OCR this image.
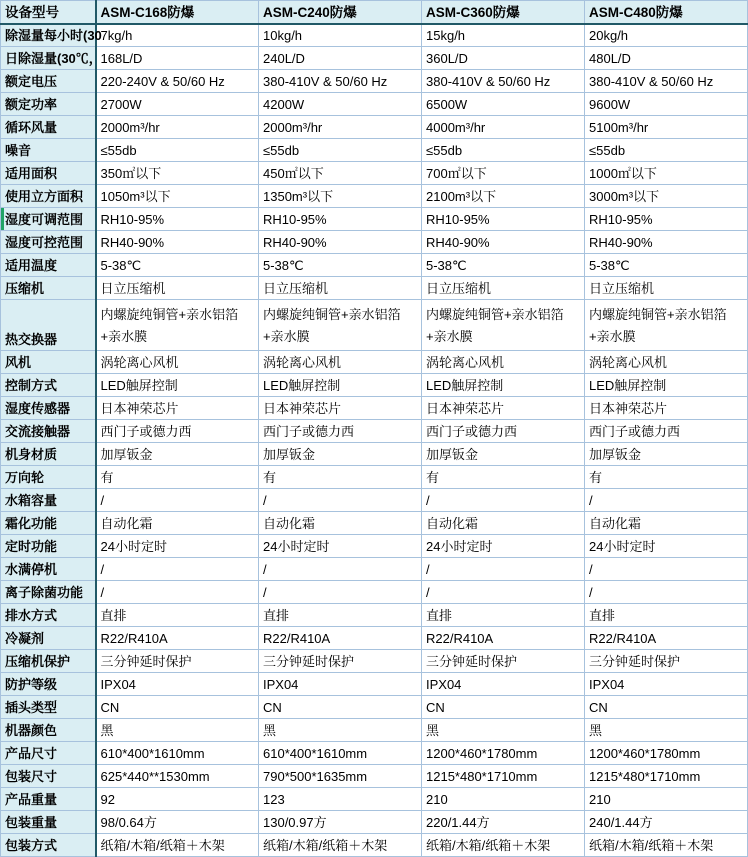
设备型号	ASM-C168防爆	ASM-C240防爆	ASM-C360防爆	ASM-C480防爆
除湿量每小时(30	7kg/h	10kg/h	15kg/h	20kg/h
日除湿量(30℃，	168L/D	240L/D	360L/D	480L/D
额定电压	220-240V & 50/60 Hz	380-410V & 50/60 Hz	380-410V & 50/60 Hz	380-410V & 50/60 Hz
额定功率	2700W	4200W	6500W	9600W
循环风量	2000m³/hr	2000m³/hr	4000m³/hr	5100m³/hr
噪音	≤55db	≤55db	≤55db	≤55db
适用面积	350㎡以下	450㎡以下	700㎡以下	1000㎡以下
使用立方面积	1050m³以下	1350m³以下	2100m³以下	3000m³以下
湿度可调范围	RH10-95%	RH10-95%	RH10-95%	RH10-95%
湿度可控范围	RH40-90%	RH40-90%	RH40-90%	RH40-90%
适用温度	5-38℃	5-38℃	5-38℃	5-38℃
压缩机	日立压缩机	日立压缩机	日立压缩机	日立压缩机
热交换器	内螺旋纯铜管+亲水铝箔+亲水膜	内螺旋纯铜管+亲水铝箔+亲水膜	内螺旋纯铜管+亲水铝箔+亲水膜	内螺旋纯铜管+亲水铝箔+亲水膜
风机	涡轮离心风机	涡轮离心风机	涡轮离心风机	涡轮离心风机
控制方式	LED触屏控制	LED触屏控制	LED触屏控制	LED触屏控制
湿度传感器	日本神荣芯片	日本神荣芯片	日本神荣芯片	日本神荣芯片
交流接触器	西门子或德力西	西门子或德力西	西门子或德力西	西门子或德力西
机身材质	加厚钣金	加厚钣金	加厚钣金	加厚钣金
万向轮	有	有	有	有
水箱容量	/	/	/	/
霜化功能	自动化霜	自动化霜	自动化霜	自动化霜
定时功能	24小时定时	24小时定时	24小时定时	24小时定时
水满停机	/	/	/	/
离子除菌功能	/	/	/	/
排水方式	直排	直排	直排	直排
冷凝剂	R22/R410A	R22/R410A	R22/R410A	R22/R410A
压缩机保护	三分钟延时保护	三分钟延时保护	三分钟延时保护	三分钟延时保护
防护等级	IPX04	IPX04	IPX04	IPX04
插头类型	CN	CN	CN	CN
机器颜色	黑	黑	黑	黑
产品尺寸	610*400*1610mm	610*400*1610mm	1200*460*1780mm	1200*460*1780mm
包装尺寸	625*440**1530mm	790*500*1635mm	1215*480*1710mm	1215*480*1710mm
产品重量	92	123	210	210
包装重量	98/0.64方	130/0.97方	220/1.44方	240/1.44方
包装方式	纸箱/木箱/纸箱＋木架	纸箱/木箱/纸箱＋木架	纸箱/木箱/纸箱＋木架	纸箱/木箱/纸箱＋木架
